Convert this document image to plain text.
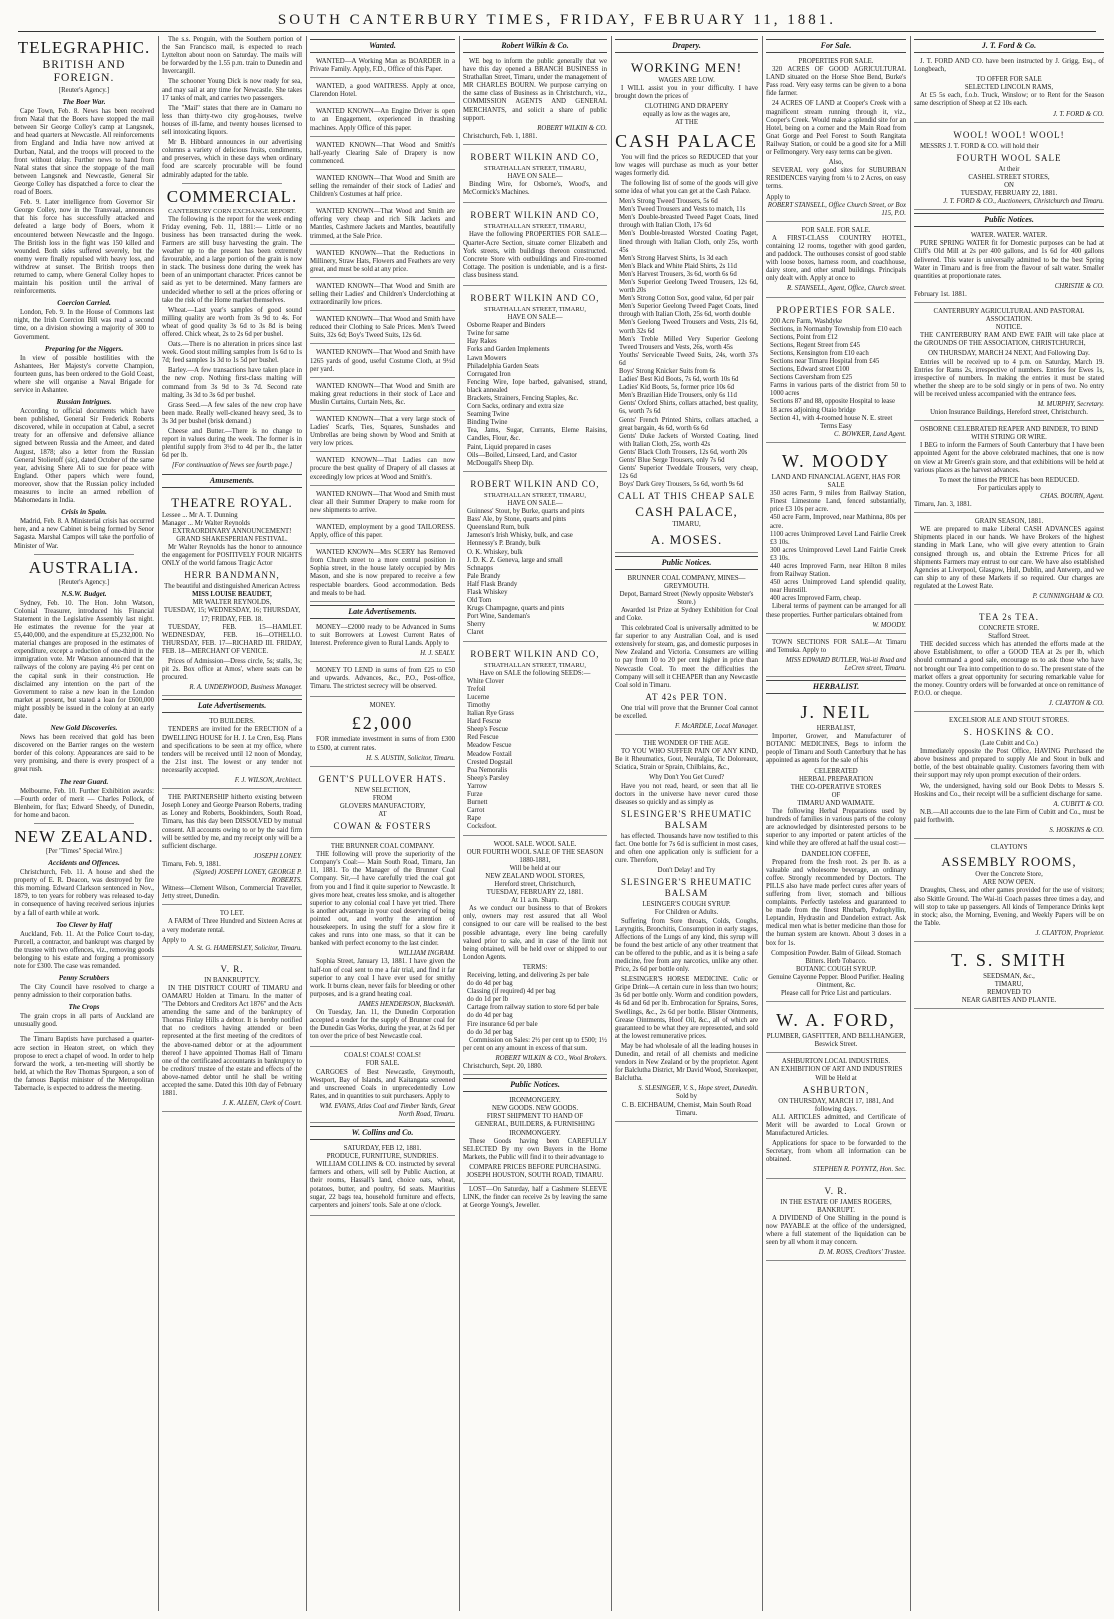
SOUTH CANTERBURY TIMES, FRIDAY, FEBRUARY 11, 1881.
TELEGRAPHIC.
BRITISH AND FOREIGN.
[Reuter's Agency.]
The Boer War.
Cape Town, Feb. 8. News has been received from Natal that the Boers have stopped the mail between Sir George Colley's camp at Langsnek, and head quarters at Newcastle. All reinforcements from England and India have now arrived at Durban, Natal, and the troops will proceed to the front without delay. Further news to hand from Natal states that since the stoppage of the mail between Langsnek and Newcastle, General Sir George Colley has dispatched a force to clear the road of Boers.
Feb. 9. Later intelligence from Governor Sir George Colley, now in the Transvaal, announces that his force has successfully attacked and defeated a large body of Boers, whom it encountered between Newcastle and the Ingogo. The British loss in the fight was 150 killed and wounded. Both sides suffered severely, but the enemy were finally repulsed with heavy loss, and withdrew at sunset. The British troops then returned to camp, where General Colley hopes to maintain his position until the arrival of reinforcements.
Coercion Carried.
London, Feb. 9. In the House of Commons last night, the Irish Coercion Bill was read a second time, on a division showing a majority of 300 to Government.
Preparing for the Niggers.
In view of possible hostilities with the Ashantees, Her Majesty's corvette Champion, fourteen guns, has been ordered to the Gold Coast, where she will organise a Naval Brigade for service in Ashantee.
Russian Intrigues.
According to official documents which have been published, General Sir Frederick Roberts discovered, while in occupation at Cabul, a secret treaty for an offensive and defensive alliance signed between Russia and the Ameer, and dated August, 1878; also a letter from the Russian General Stolietoff (sic), dated October of the same year, advising Shere Ali to sue for peace with England. Other papers which were found, moreover, show that the Russian policy included measures to incite an armed rebellion of Mahomedans in India.
Crisis in Spain.
Madrid, Feb. 8. A Ministerial crisis has occurred here, and a new Cabinet is being formed by Senor Sagasta. Marshal Campos will take the portfolio of Minister of War.
AUSTRALIA.
[Reuter's Agency.]
N.S.W. Budget.
Sydney, Feb. 10. The Hon. John Watson, Colonial Treasurer, introduced his Financial Statement in the Legislative Assembly last night. He estimates the revenue for the year at £5,440,000, and the expenditure at £5,232,000. No material changes are proposed in the estimates of expenditure, except a reduction of one-third in the immigration vote. Mr Watson announced that the railways of the colony are paying 4½ per cent on the capital sunk in their construction. He disclaimed any intention on the part of the Government to raise a new loan in the London market at present, but stated a loan for £600,000 might possibly be issued in the colony at an early date.
New Gold Discoveries.
News has been received that gold has been discovered on the Barrier ranges on the western border of this colony. Appearances are said to be very promising, and there is every prospect of a great rush.
The rear Guard.
Melbourne, Feb. 10. Further Exhibition awards:—Fourth order of merit — Charles Pollock, of Blenheim, for flax; Edward Sheedy, of Dunedin, for home and bacon.
NEW ZEALAND.
[Per "Times" Special Wire.]
Accidents and Offences.
Christchurch, Feb. 11. A house and shed the property of E. R. Deacon, was destroyed by fire this morning. Edward Clarkson sentenced in Nov., 1879, to ten years for robbery was released to-day in consequence of having received serious injuries by a fall of earth while at work.
Too Clever by Half
Auckland, Feb. 11. At the Police Court to-day, Purcell, a contractor, and bankrupt was charged by the trustee with two offences, viz., removing goods belonging to his estate and forging a promissory note for £300. The case was remanded.
Penny Scrubbers
The City Council have resolved to charge a penny admission to their corporation baths.
The Crops
The grain crops in all parts of Auckland are unusually good.
The Timaru Baptists have purchased a quarter-acre section in Heaton street, on which they propose to erect a chapel of wood. In order to help forward the work, a ten-meeting will shortly be held, at which the Rev Thomas Spurgeon, a son of the famous Baptist minister of the Metropolitan Tabernacle, is expected to address the meeting.
The s.s. Penguin, with the Southern portion of the San Francisco mail, is expected to reach Lyttelton about noon on Saturday. The mails will be forwarded by the 1.55 p.m. train to Dunedin and Invercargill.
The schooner Young Dick is now ready for sea, and may sail at any time for Newcastle. She takes 17 tanks of malt, and carries two passengers.
The "Mail" states that there are in Oamaru no less than thirty-two city grog-houses, twelve houses of ill-fame, and twenty houses licensed to sell intoxicating liquors.
Mr B. Hibbard announces in our advertising columns a variety of delicious fruits, condiments, and preserves, which in these days when ordinary food are scarcely procurable will be found admirably adapted for the table.
COMMERCIAL.
CANTERBURY CORN EXCHANGE REPORT.
The following is the report for the week ending Friday evening, Feb. 11, 1881:— Little or no business has been transacted during the week. Farmers are still busy harvesting the grain. The weather up to the present has been extremely favourable, and a large portion of the grain is now in stack. The business done during the week has been of an unimportant character. Prices cannot be said as yet to be determined. Many farmers are undecided whether to sell at the prices offering or take the risk of the Home market themselves.
Wheat.—Last year's samples of good sound milling quality are worth from 3s 9d to 4s. For wheat of good quality 3s 6d to 3s 8d is being offered. Chick wheat, 2s to 2s 6d per bushel.
Oats.—There is no alteration in prices since last week. Good stout milling samples from 1s 6d to 1s 7d; feed samples 1s 3d to 1s 5d per bushel.
Barley.—A few transactions have taken place in the new crop. Nothing first-class malting will command from 3s 9d to 3s 7d. Second rate malting, 3s 3d to 3s 6d per bushel.
Grass Seed.—A few sales of the new crop have been made. Really well-cleaned heavy seed, 3s to 3s 3d per bushel (brisk demand.)
Cheese and Butter.—There is no change to report in values during the week. The former is in plentiful supply from 3½d to 4d per lb., the latter 6d per lb.
[For continuation of News see fourth page.]
Amusements.
THEATRE ROYAL.
Lessee ... Mr A. T. Dunning
Manager ... Mr Walter Reynolds
EXTRAORDINARY ANNOUNCEMENT!
GRAND SHAKESPERIAN FESTIVAL.
Mr Walter Reynolds has the honor to announce the engagement for POSITIVELY FOUR NIGHTS ONLY of the world famous Tragic Actor
HERR BANDMANN,
The beautiful and distinguished American Actress
MISS LOUISE BEAUDET,
MR WALTER REYNOLDS,
TUESDAY, 15; WEDNESDAY, 16; THURSDAY, 17; FRIDAY, FEB. 18.
TUESDAY, FEB. 15—HAMLET. WEDNESDAY, FEB. 16—OTHELLO. THURSDAY, FEB. 17—RICHARD III. FRIDAY, FEB. 18—MERCHANT OF VENICE.
Prices of Admission—Dress circle, 5s; stalls, 3s; pit 2s. Box office at Amos', where seats can be procured.
R. A. UNDERWOOD, Business Manager.
Late Advertisements.
TO BUILDERS.
TENDERS are invited for the ERECTION of a DWELLING HOUSE for H. J. Le Cren, Esq. Plans and specifications to be seen at my office, where tenders will be received until 12 noon of Monday, the 21st inst. The lowest or any tender not necessarily accepted.
F. J. WILSON, Architect.
THE PARTNERSHIP hitherto existing between Joseph Loney and George Pearson Roberts, trading as Loney and Roberts, Bookbinders, South Road, Timaru, has this day been DISSOLVED by mutual consent. All accounts owing to or by the said firm will be settled by me, and my receipt only will be a sufficient discharge.
JOSEPH LONEY.
Timaru, Feb. 9, 1881.
(Signed) JOSEPH LONEY, GEORGE P. ROBERTS.
Witness—Clement Wilson, Commercial Traveller, Jetty street, Dunedin.
TO LET.
A FARM of Three Hundred and Sixteen Acres at a very moderate rental.
Apply to
A. St. G. HAMERSLEY, Solicitor, Timaru.
V. R.
IN BANKRUPTCY.
IN THE DISTRICT COURT of TIMARU and OAMARU Holden at Timaru. In the matter of "The Debtors and Creditors Act 1876" and the Acts amending the same and of the bankruptcy of Thomas Finlay Hills a debtor. It is hereby notified that no creditors having attended or been represented at the first meeting of the creditors of the above-named debtor or at the adjournment thereof I have appointed Thomas Hall of Timaru one of the certificated accountants in bankruptcy to be creditors' trustee of the estate and effects of the above-named debtor until he shall be writing accepted the same. Dated this 10th day of February 1881.
J. K. ALLEN, Clerk of Court.
Wanted.
WANTED—A Working Man as BOARDER in a Private Family. Apply, F.D., Office of this Paper.
WANTED, a good WAITRESS. Apply at once, Clarendon Hotel.
WANTED KNOWN—An Engine Driver is open to an Engagement, experienced in thrashing machines. Apply Office of this paper.
WANTED KNOWN—That Wood and Smith's half-yearly Clearing Sale of Drapery is now commenced.
WANTED KNOWN—That Wood and Smith are selling the remainder of their stock of Ladies' and Children's Costumes at half price.
WANTED KNOWN—That Wood and Smith are offering very cheap and rich Silk Jackets and Mantles, Cashmere Jackets and Mantles, beautifully trimmed, at the Sale Price.
WANTED KNOWN—That the Reductions in Millinery, Straw Hats, Flowers and Feathers are very great, and must be sold at any price.
WANTED KNOWN—That Wood and Smith are selling their Ladies' and Children's Underclothing at extraordinarily low prices.
WANTED KNOWN—That Wood and Smith have reduced their Clothing to Sale Prices. Men's Tweed Suits, 32s 6d; Boy's Tweed Suits, 12s 6d.
WANTED KNOWN—That Wood and Smith have 1265 yards of good, useful Costume Cloth, at 9½d per yard.
WANTED KNOWN—That Wood and Smith are making great reductions in their stock of Lace and Muslin Curtains, Curtain Nets, &c.
WANTED KNOWN—That a very large stock of Ladies' Scarfs, Ties, Squares, Sunshades and Umbrellas are being shown by Wood and Smith at very low prices.
WANTED KNOWN—That Ladies can now procure the best quality of Drapery of all classes at exceedingly low prices at Wood and Smith's.
WANTED KNOWN—That Wood and Smith must clear all their Summer Drapery to make room for new shipments to arrive.
WANTED, employment by a good TAILORESS. Apply, office of this paper.
WANTED KNOWN—Mrs SCERY has Removed from Church street to a more central position in Sophia street, in the house lately occupied by Mrs Mason, and she is now prepared to receive a few respectable boarders. Good accommodation. Beds and meals to be had.
Late Advertisements.
MONEY—£2000 ready to be Advanced in Sums to suit Borrowers at Lowest Current Rates of Interest. Preference given to Rural Lands. Apply to
H. J. SEALY.
MONEY TO LEND in sums of from £25 to £50 and upwards. Advances, &c., P.O., Post-office, Timaru. The strictest secrecy will be observed.
MONEY.
£2,000
FOR immediate investment in sums of from £300 to £500, at current rates.
H. S. AUSTIN, Solicitor, Timaru.
GENT'S PULLOVER HATS.
NEW SELECTION,
FROM
GLOVERS MANUFACTORY,
AT
COWAN & FOSTERS
THE BRUNNER COAL COMPANY.
THE following will prove the superiority of the Company's Coal:— Main South Road, Timaru, Jan 11, 1881. To the Manager of the Brunner Coal Company. Sir,—I have carefully tried the coal got from you and I find it quite superior to Newcastle. It gives more heat, creates less smoke, and is altogether superior to any colonial coal I have yet tried. There is another advantage in your coal deserving of being pointed out, and worthy the attention of housekeepers. In using the stuff for a slow fire it cakes and runs into one mass, so that it can be banked with perfect economy to the last cinder.
WILLIAM INGRAM.
Sophia Street, January 13, 1881. I have given the half-ton of coal sent to me a fair trial, and find it far superior to any coal I have ever used for smithy work. It burns clean, never fails for bleeding or other purposes, and is a grand heating coal.
JAMES HENDERSON, Blacksmith.
On Tuesday, Jan. 11, the Dunedin Corporation accepted a tender for the supply of Brunner coal for the Dunedin Gas Works, during the year, at 2s 6d per ton over the price of best Newcastle coal.
COALS! COALS! COALS!
FOR SALE.
CARGOES of Best Newcastle, Greymouth, Westport, Bay of Islands, and Kaitangata screened and unscreened Coals in unprecedentedly Low Rates, and in quantities to suit purchasers. Apply to
WM. EVANS, Atlas Coal and Timber Yards, Great North Road, Timaru.
W. Collins and Co.
SATURDAY, FEB 12, 1881.
PRODUCE, FURNITURE, SUNDRIES.
WILLIAM COLLINS & CO. instructed by several farmers and others, will sell by Public Auction, at their rooms, Hassall's land, choice oats, wheat, potatoes, butter, and poultry, 6d seats. Mauritius sugar, 22 bags tea, household furniture and effects, carpenters and joiners' tools. Sale at one o'clock.
Robert Wilkin & Co.
WE beg to inform the public generally that we have this day opened a BRANCH BUSINESS in Strathallan Street, Timaru, under the management of MR CHARLES BOURN. We purpose carrying on the same class of Business as in Christchurch, viz., COMMISSION AGENTS AND GENERAL MERCHANTS, and solicit a share of public support.
ROBERT WILKIN & CO.
Christchurch, Feb. 1, 1881.
ROBERT WILKIN AND CO,
STRATHALLAN STREET, TIMARU,
HAVE ON SALE—
Binding Wire, for Osborne's, Wood's, and McCormick's Machines.
ROBERT WILKIN AND CO,
STRATHALLAN STREET, TIMARU,
Have the following PROPERTIES FOR SALE— Quarter-Acre Section, situate corner Elizabeth and York streets, with buildings thereon constructed. Concrete Store with outbuildings and Fire-roomed Cottage. The position is undeniable, and is a first-class business stand.
ROBERT WILKIN AND CO,
STRATHALLAN STREET, TIMARU,
HAVE ON SALE—
Osborne Reaper and Binders
Twine for same
Hay Rakes
Forks and Garden Implements
Lawn Mowers
Philadelphia Garden Seats
Corrugated Iron
Fencing Wire, Iope barbed, galvanised, strand, black annealed
Brackets, Strainers, Fencing Staples, &c.
Corn Sacks, ordinary and extra size
Seaming Twine
Binding Twine
Tea, Jams, Sugar, Currants, Eleme Raisins, Candles, Flour, &c.
Paint, Liquid prepared in cases
Oils—Boiled, Linseed, Lard, and Castor
McDougall's Sheep Dip.
ROBERT WILKIN AND CO,
STRATHALLAN STREET, TIMARU,
HAVE ON SALE—
Guinness' Stout, by Burke, quarts and pints
Bass' Ale, by Stone, quarts and pints
Queensland Rum, bulk
Jameson's Irish Whisky, bulk, and case
Hennessy's P. Brandy, bulk
O. K. Whiskey, bulk
J. D. K. Z. Geneva, large and small
Schnapps
Pale Brandy
Half Flask Brandy
Flask Whiskey
Old Tom
Krugs Champagne, quarts and pints
Port Wine, Sandeman's
Sherry
Claret
ROBERT WILKIN AND CO,
STRATHALLAN STREET, TIMARU,
Have on SALE the following SEEDS:—
White Clover
Trefoil
Lucerne
Timothy
Italian Rye Grass
Hard Fescue
Sheep's Fescue
Red Fescue
Meadow Fescue
Meadow Foxtail
Crested Dogstail
Poa Nemoralis
Sheep's Parsley
Yarrow
Furze
Burnett
Carrot
Rape
Cocksfoot.
WOOL SALE. WOOL SALE.
OUR FOURTH WOOL SALE OF THE SEASON 1880-1881,
Will be held at our
NEW ZEALAND WOOL STORES,
Hereford street, Christchurch,
TUESDAY, FEBRUARY 22, 1881.
At 11 a.m. Sharp.
As we conduct our business to that of Brokers only, owners may rest assured that all Wool consigned to our care will be realised to the best possible advantage, every line being carefully valued prior to sale, and in case of the limit not being obtained, will be held over or shipped to our London Agents.
TERMS:
Receiving, letting, and delivering 2s per bale
do do 4d per bag
Classing (if required) 4d per bag
do do 1d per lb
Cartage from railway station to store 6d per bale
do do 4d per bag
Fire insurance 6d per bale
do do 3d per bag
Commission on Sales: 2½ per cent up to £500; 1½ per cent on any amount in excess of that sum.
ROBERT WILKIN & CO., Wool Brokers.
Christchurch, Sept. 20, 1880.
Public Notices.
IRONMONGERY.
NEW GOODS. NEW GOODS.
FIRST SHIPMENT TO HAND OF
GENERAL, BUILDERS, & FURNISHING IRONMONGERY.
These Goods having been CAREFULLY SELECTED By my own Buyers in the Home Markets, the Public will find it to their advantage to
COMPARE PRICES BEFORE PURCHASING.
JOSEPH HOUSTON, SOUTH ROAD, TIMARU.
LOST—On Saturday, half a Cashmere SLEEVE LINK, the finder can receive 2s by leaving the same at George Young's, Jeweller.
Drapery.
WORKING MEN!
WAGES ARE LOW.
I WILL assist you in your difficulty. I have brought down the prices of
CLOTHING AND DRAPERY
equally as low as the wages are,
AT THE
CASH PALACE
You will find the prices so REDUCED that your low wages will purchase as much as your better wages formerly did.
The following list of some of the goods will give some idea of what you can get at the Cash Palace.
Men's Strong Tweed Trousers, 5s 6d
Men's Tweed Trousers and Vests to match, 11s
Men's Double-breasted Tweed Paget Coats, lined through with Italian Cloth, 17s 6d
Men's Double-breasted Worsted Coating Paget, lined through with Italian Cloth, only 25s, worth 45s
Men's Strong Harvest Shirts, 1s 3d each
Men's Black and White Plaid Shirts, 2s 11d
Men's Harvest Trousers, 3s 6d, worth 6s 6d
Men's Superior Geelong Tweed Trousers, 12s 6d, worth 20s
Men's Strong Cotton Sox, good value, 6d per pair
Men's Superior Geelong Tweed Paget Coats, lined through with Italian Cloth, 25s 6d, worth double
Men's Geelong Tweed Trousers and Vests, 21s 6d, worth 32s 6d
Men's Treble Milled Very Superior Geelong Tweed Trousers and Vests, 26s, worth 45s
Youths' Serviceable Tweed Suits, 24s, worth 37s 6d
Boys' Strong Knicker Suits from 6s
Ladies' Best Kid Boots, 7s 6d, worth 10s 6d
Ladies' Kid Boots, 5s, former price 10s 6d
Men's Brazilian Hide Trousers, only 6s 11d
Gents' Oxford Shirts, collars attached, best quality, 6s, worth 7s 6d
Gents' French Printed Shirts, collars attached, a great bargain, 4s 6d, worth 6s 6d
Gents' Duke Jackets of Worsted Coating, lined with Italian Cloth, 25s, worth 42s
Gents' Black Cloth Trousers, 12s 6d, worth 20s
Gents' Blue Serge Trousers, only 7s 6d
Gents' Superior Tweddale Trousers, very cheap, 12s 6d
Boys' Dark Grey Trousers, 5s 6d, worth 9s 6d
CALL AT THIS CHEAP SALE
CASH PALACE,
TIMARU,
A. MOSES.
Public Notices.
BRUNNER COAL COMPANY, MINES—GREYMOUTH.
Depot, Barnard Street (Newly opposite Webster's Store.)
Awarded 1st Prize at Sydney Exhibition for Coal and Coke.
This celebrated Coal is universally admitted to be far superior to any Australian Coal, and is used extensively for steam, gas, and domestic purposes in New Zealand and Victoria. Consumers are willing to pay from 10 to 20 per cent higher in price than Newcastle Coal. To meet the difficulties the Company will sell it CHEAPER than any Newcastle Coal sold in Timaru.
AT 42s PER TON.
One trial will prove that the Brunner Coal cannot be excelled.
F. McARDLE, Local Manager.
THE WONDER OF THE AGE.
TO YOU WHO SUFFER PAIN OF ANY KIND, Be it Rheumatics, Gout, Neuralgia, Tic Doloreaux, Sciatica, Strain or Sprain, Chilblains, &c.,
Why Don't You Get Cured?
Have you not read, heard, or seen that all lie doctors in the universe have never cured those diseases so quickly and as simply as
SLESINGER'S RHEUMATIC BALSAM
has effected. Thousands have now testified to this fact. One bottle for 7s 6d is sufficient in most cases, and often one application only is sufficient for a cure. Therefore,
Don't Delay! and Try
SLESINGER'S RHEUMATIC BALSAM
LESINGER'S COUGH SYRUP.
For Children or Adults.
Suffering from Sore throats, Colds, Coughs, Laryngitis, Bronchitis, Consumption in early stages, Affections of the Lungs of any kind, this syrup will be found the best article of any other treatment that can be offered to the public, and as it is being a safe medicine, free from any narcotics, unlike any other. Price, 2s 6d per bottle only.
SLESINGER'S HORSE MEDICINE. Colic or Gripe Drink—A certain cure in less than two hours; 3s 6d per bottle only. Worm and condition powders, 4s 6d and 6d per lb. Embrocation for Sprains, Sores, Swellings, &c., 2s 6d per bottle. Blister Ointments, Grease Ointments, Hoof Oil, &c., all of which are guaranteed to be what they are represented, and sold at the lowest remunerative prices.
May be had wholesale of all the leading houses in Dunedin, and retail of all chemists and medicine vendors in New Zealand or by the proprietor. Agent for Balclutha District, Mr David Wood, Storekeeper, Balclutha.
S. SLESINGER, V. S., Hope street, Dunedin.
Sold by
C. B. EICHBAUM, Chemist, Main South Road Timaru.
For Sale.
PROPERTIES FOR SALE.
320 ACRES OF GOOD AGRICULTURAL LAND situated on the Horse Shoe Bend, Burke's Pass road. Very easy terms can be given to a bona fide farmer.
24 ACRES OF LAND at Cooper's Creek with a magnificent stream running through it, viz., Cooper's Creek. Would make a splendid site for an Hotel, being on a corner and the Main Road from Gnat Gorge and Peel Forest to South Rangitata Railway Station, or could be a good site for a Mill or Fellmongery. Very easy terms can be given.
Also,
SEVERAL very good sites for SUBURBAN RESIDENCES varying from ¼ to 2 Acres, on easy terms.
Apply to
ROBERT STANSELL, Office Church Street, or Box 115, P.O.
FOR SALE. FOR SALE.
A FIRST-CLASS COUNTRY HOTEL, containing 12 rooms, together with good garden, and paddock. The outhouses consist of good stable with loose boxes, harness room, and coachhouse, dairy store, and other small buildings. Principals only dealt with. Apply at once to
R. STANSELL, Agent, Office, Church street.
PROPERTIES FOR SALE.
200 Acre Farm, Washdyke
Sections, in Normanby Township from £10 each
Sections, Point from £12
Sections, Regent Street from £45
Sections, Kensington from £10 each
Sections near Timaru Hospital from £45
Sections, Edward street £100
Sections Caversham from £25
Farms in various parts of the district from 50 to 1000 acres
Sections 87 and 88, opposite Hospital to lease
18 acres adjoining Otaio bridge
Section 41, with 4-roomed house N. E. street
Terms Easy
C. BOWKER, Land Agent.
W. MOODY
LAND AND FINANCIAL AGENT, HAS FOR SALE
350 acres Farm, 9 miles from Railway Station, Finest Limestone Land, fenced substantially, price £3 10s per acre.
450 acre Farm, Improved, near Mathinna, 80s per acre.
1100 acres Unimproved Level Land Fairlie Creek £3 10s.
300 acres Unimproved Level Land Fairlie Creek £3 10s.
440 acres Improved Farm, near Hilton 8 miles from Railway Station.
450 acres Unimproved Land splendid quality, near Hunstill.
400 acres Improved Farm, cheap.
Liberal terms of payment can be arranged for all these properties. Further particulars obtained from
W. MOODY.
TOWN SECTIONS FOR SALE—At Timaru and Temuka. Apply to
MISS EDWARD BUTLER, Wai-iti Road and LeCren street, Timaru.
HERBALIST.
J. NEIL
HERBALIST,
Importer, Grower, and Manufacturer of BOTANIC MEDICINES, Begs to inform the people of Timaru and South Canterbury that he has appointed as agents for the sale of his
CELEBRATED
HERBAL PREPARATION
THE CO-OPERATIVE STORES
OF
TIMARU AND WAIMATE.
The following Herbal Preparations used by hundreds of families in various parts of the colony are acknowledged by disinterested persons to be superior to any imported or patent articles of the kind while they are offered at half the usual cost:—
DANDELION COFFEE,
Prepared from the fresh root. 2s per lb. as a valuable and wholesome beverage, an ordinary coffee. Strongly recommended by Doctors. The PILLS also have made perfect cures after years of suffering from liver, stomach and billious complaints. Perfectly tasteless and guaranteed to be made from the finest Rhubarb, Podophyllin, Leptandin, Hydrastin and Dandelion extract. Ask medical men what is better medicine than those for the human system are known. About 3 doses in a box for 1s.
Composition Powder. Balm of Gilead. Stomach Bitters. Herb Tobacco.
BOTANIC COUGH SYRUP.
Genuine Cayenne Pepper. Blood Purifier. Healing Ointment, &c.
Please call for Price List and particulars.
W. A. FORD,
PLUMBER, GASFITTER, AND BELLHANGER,
Beswick Street.
ASHBURTON LOCAL INDUSTRIES.
AN EXHIBITION OF ART AND INDUSTRIES
Will be Held at
ASHBURTON,
ON THURSDAY, MARCH 17, 1881, And following days.
ALL ARTICLES admitted, and Certificate of Merit will be awarded to Local Grown or Manufactured Articles.
Applications for space to be forwarded to the Secretary, from whom all information can be obtained.
STEPHEN R. POYNTZ, Hon. Sec.
V. R.
IN THE ESTATE OF JAMES ROGERS, BANKRUPT.
A DIVIDEND of One Shilling in the pound is now PAYABLE at the office of the undersigned, where a full statement of the liquidation can be seen by all whom it may concern.
D. M. ROSS, Creditors' Trustee.
J. T. Ford & Co.
J. T. FORD AND CO. have been instructed by J. Grigg, Esq., of Longbeach,
TO OFFER FOR SALE
SELECTED LINCOLN RAMS,
At £5 5s each, f.o.b. Truck, Winslow; or to Rent for the Season same description of Sheep at £2 10s each.
J. T. FORD & CO.
WOOL! WOOL! WOOL!
MESSRS J. T. FORD & CO. will hold their
FOURTH WOOL SALE
At their
CASHEL STREET STORES,
ON
TUESDAY, FEBRUARY 22, 1881.
J. T. FORD & CO., Auctioneers, Christchurch and Timaru.
Public Notices.
WATER. WATER. WATER.
PURE SPRING WATER fit for Domestic purposes can be had at Cliff's Old Mill at 2s per 400 gallons, and 1s 6d for 400 gallons delivered. This water is universally admitted to be the best Spring Water in Timaru and is free from the flavour of salt water. Smaller quantities at proportionate rates.
CHRISTIE & CO.
February 1st. 1881.
CANTERBURY AGRICULTURAL AND PASTORAL ASSOCIATION.
NOTICE.
THE CANTERBURY RAM AND EWE FAIR will take place at the GROUNDS OF THE ASSOCIATION, CHRISTCHURCH,
ON THURSDAY, MARCH 24 NEXT, And Following Day.
Entries will be received up to 4 p.m. on Saturday, March 19. Entries for Rams 2s, irrespective of numbers. Entries for Ewes 1s, irrespective of numbers. In making the entries it must be stated whether the sheep are to be sold singly or in pens of two. No entry will be received unless accompanied with the entrance fees.
M. MURPHY, Secretary.
Union Insurance Buildings, Hereford street, Christchurch.
OSBORNE CELEBRATED REAPER AND BINDER, TO BIND WITH STRING OR WIRE.
I BEG to inform the Farmers of South Canterbury that I have been appointed Agent for the above celebrated machines, that one is now on view at Mr Green's grain store, and that exhibitions will be held at various places as the harvest advances.
To meet the times the PRICE has been REDUCED.
For particulars apply to
CHAS. BOURN, Agent.
Timaru, Jan. 3, 1881.
GRAIN SEASON, 1881.
WE are prepared to make Liberal CASH ADVANCES against Shipments placed in our hands. We have Brokers of the highest standing in Mark Lane, who will give every attention to Grain consigned through us, and obtain the Extreme Prices for all shipments Farmers may entrust to our care. We have also established Agencies at Liverpool, Glasgow, Hull, Dublin, and Antwerp, and we can ship to any of these Markets if so required. Our charges are regulated at the Lowest Rate.
P. CUNNINGHAM & CO.
TEA 2s TEA.
CONCRETE STORE.
Stafford Street.
THE decided success which has attended the efforts made at the above Establishment, to offer a GOOD TEA at 2s per lb, which should command a good sale, encourage us to ask those who have not brought our Tea into competition to do so. The present state of the market offers a great opportunity for securing remarkable value for the money. Country orders will be forwarded at once on remittance of P.O.O. or cheque.
J. CLAYTON & CO.
EXCELSIOR ALE AND STOUT STORES.
S. HOSKINS & CO.
(Late Cubitt and Co.)
Immediately opposite the Post Office, HAVING Purchased the above business and prepared to supply Ale and Stout in bulk and bottle, of the best obtainable quality. Customers favoring them with their support may rely upon prompt execution of their orders.
We, the undersigned, having sold our Book Debts to Messrs S. Hoskins and Co., their receipt will be a sufficient discharge for same.
A. CUBITT & CO.
N.B.—All accounts due to the late Firm of Cubitt and Co., must be paid forthwith.
S. HOSKINS & CO.
CLAYTON'S
ASSEMBLY ROOMS,
Over the Concrete Store,
ARE NOW OPEN.
Draughts, Chess, and other games provided for the use of visitors; also Skittle Ground. The Wai-iti Coach passes three times a day, and will stop to take up passengers. All kinds of Temperance Drinks kept in stock; also, the Morning, Evening, and Weekly Papers will be on the Table.
J. CLAYTON, Proprietor.
T. S. SMITH
SEEDSMAN, &c.,
TIMARU,
REMOVED TO
NEAR GABITES AND PLANTE.
